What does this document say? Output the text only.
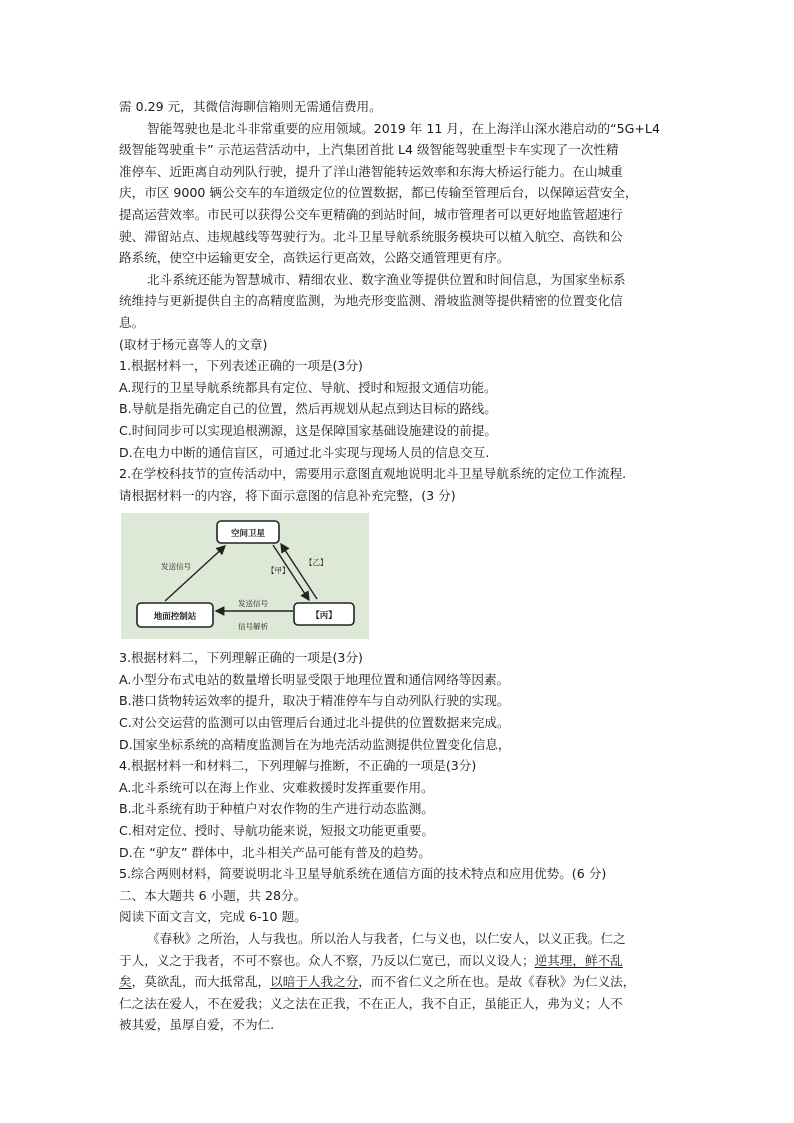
需 0.29 元，其微信海聊信箱则无需通信费用。

智能驾驶也是北斗非常重要的应用领域。2019 年 11 月，在上海洋山深水港启动的“5G+L4

级智能驾驶重卡” 示范运营活动中，上汽集团首批 L4 级智能驾驶重型卡车实现了一次性精

准停车、近距离自动列队行驶，提升了洋山港智能转运效率和东海大桥运行能力。在山城重

庆，市区 9000 辆公交车的车道级定位的位置数据，都已传输至管理后台，以保障运营安全，

提高运营效率。市民可以获得公交车更精确的到站时间，城市管理者可以更好地监管超速行

驶、滞留站点、违规越线等驾驶行为。北斗卫星导航系统服务模块可以植入航空、高铁和公

路系统，使空中运输更安全，高铁运行更高效，公路交通管理更有序。

北斗系统还能为智慧城市、精细农业、数字渔业等提供位置和时间信息，为国家坐标系

统维持与更新提供自主的高精度监测，为地壳形变监测、滑坡监测等提供精密的位置变化信

息。

(取材于杨元喜等人的文章)

1.根据材料一，下列表述正确的一项是(3分)

A.现行的卫星导航系统都具有定位、导航、授时和短报文通信功能。

B.导航是指先确定自己的位置，然后再规划从起点到达目标的路线。

C.时间同步可以实现追根溯源，这是保障国家基础设施建设的前提。

D.在电力中断的通信盲区，可通过北斗实现与现场人员的信息交互.

2.在学校科技节的宣传活动中，需要用示意图直观地说明北斗卫星导航系统的定位工作流程.

请根据材料一的内容，将下面示意图的信息补充完整，(3 分)

空间卫星
地面控制站	【丙】
发送信号	【甲】
【乙】
发送信号
信号解析

3.根据材料二，下列理解正确的一项是(3分)

A.小型分布式电站的数量增长明显受限于地理位置和通信网络等因素。

B.港口货物转运效率的提升，取决于精准停车与自动列队行驶的实现。

C.对公交运营的监测可以由管理后台通过北斗提供的位置数据来完成。

D.国家坐标系统的高精度监测旨在为地壳活动监测提供位置变化信息，

4.根据材料一和材料二，下列理解与推断，不正确的一项是(3分)

A.北斗系统可以在海上作业、灾难救援时发挥重要作用。

B.北斗系统有助于种植户对农作物的生产进行动态监测。

C.相对定位、授时、导航功能来说，短报文功能更重要。

D.在 “驴友” 群体中，北斗相关产品可能有普及的趋势。

5.综合两则材料，简要说明北斗卫星导航系统在通信方面的技术特点和应用优势。(6 分)

二、本大题共 6 小题，共 28分。

阅读下面文言文，完成 6-10 题。

《春秋》之所治，人与我也。所以治人与我者，仁与义也，以仁安人，以义正我。仁之

于人，义之于我者，不可不察也。众人不察，乃反以仁宽已，而以义设人；逆其理，鲜不乱

矣，莫欲乱，而大抵常乱，以暗于人我之分，而不省仁义之所在也。是故《春秋》为仁义法，

仁之法在爱人，不在爱我；义之法在正我，不在正人，我不自正，虽能正人，弗为义；人不

被其爱，虽厚自爱，不为仁.
